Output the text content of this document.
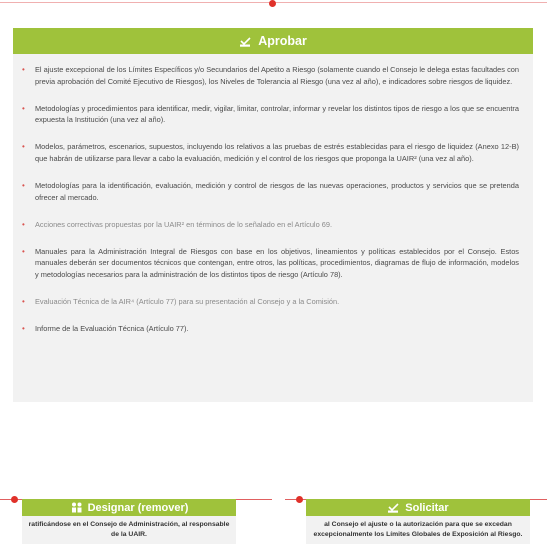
Aprobar
• El ajuste excepcional de los Límites Específicos y/o Secundarios del Apetito a Riesgo (solamente cuando el Consejo le delega estas facultades con previa aprobación del Comité Ejecutivo de Riesgos), los Niveles de Tolerancia al Riesgo (una vez al año), e indicadores sobre riesgos de liquidez.
• Metodologías y procedimientos para identificar, medir, vigilar, limitar, controlar, informar y revelar los distintos tipos de riesgo a los que se encuentra expuesta la Institución (una vez al año).
• Modelos, parámetros, escenarios, supuestos, incluyendo los relativos a las pruebas de estrés establecidas para el riesgo de liquidez (Anexo 12-B) que habrán de utilizarse para llevar a cabo la evaluación, medición y el control de los riesgos que proponga la UAIR² (una vez al año).
• Metodologías para la identificación, evaluación, medición y control de riesgos de las nuevas operaciones, productos y servicios que se pretenda ofrecer al mercado.
• Acciones correctivas propuestas por la UAIR² en términos de lo señalado en el Artículo 69.
• Manuales para la Administración Integral de Riesgos con base en los objetivos, lineamientos y políticas establecidos por el Consejo. Estos manuales deberán ser documentos técnicos que contengan, entre otros, las políticas, procedimientos, diagramas de flujo de información, modelos y metodologías necesarios para la administración de los distintos tipos de riesgo (Artículo 78).
• Evaluación Técnica de la AIR⁴ (Artículo 77) para su presentación al Consejo y a la Comisión.
• Informe de la Evaluación Técnica (Artículo 77).
Designar (remover)
ratificándose en el Consejo de Administración, al responsable de la UAIR.
Solicitar
al Consejo el ajuste o la autorización para que se excedan excepcionalmente los Límites Globales de Exposición al Riesgo.
